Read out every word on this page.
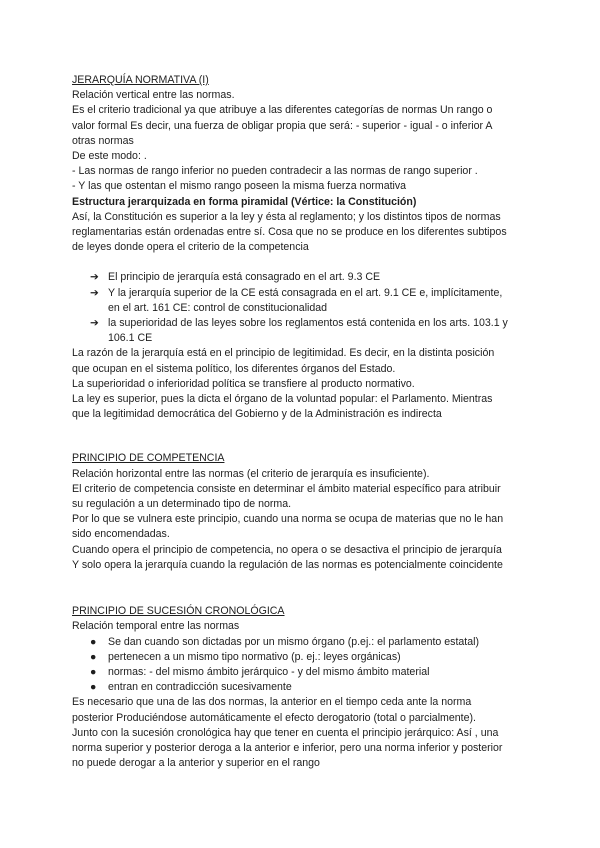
JERARQUÍA NORMATIVA (I)
Relación vertical entre las normas.
Es el criterio tradicional ya que atribuye a las diferentes categorías de normas Un rango o
valor formal Es decir, una fuerza de obligar propia que será: - superior - igual - o inferior A
otras normas
De este modo: .
- Las normas de rango inferior no pueden contradecir a las normas de rango superior .
- Y las que ostentan el mismo rango poseen la misma fuerza normativa
Estructura jerarquizada en forma piramidal (Vértice: la Constitución)
Así, la Constitución es superior a la ley y ésta al reglamento; y los distintos tipos de normas
reglamentarias están ordenadas entre sí. Cosa que no se produce en los diferentes subtipos
de leyes donde opera el criterio de la competencia
➔ El principio de jerarquía está consagrado en el art. 9.3 CE
➔ Y la jerarquía superior de la CE está consagrada en el art. 9.1 CE e, implícitamente,
en el art. 161 CE: control de constitucionalidad
➔ la superioridad de las leyes sobre los reglamentos está contenida en los arts. 103.1 y
106.1 CE
La razón de la jerarquía está en el principio de legitimidad. Es decir, en la distinta posición
que ocupan en el sistema político, los diferentes órganos del Estado.
La superioridad o inferioridad política se transfiere al producto normativo.
La ley es superior, pues la dicta el órgano de la voluntad popular: el Parlamento. Mientras
que la legitimidad democrática del Gobierno y de la Administración es indirecta
PRINCIPIO DE COMPETENCIA
Relación horizontal entre las normas (el criterio de jerarquía es insuficiente).
El criterio de competencia consiste en determinar el ámbito material específico para atribuir
su regulación a un determinado tipo de norma.
Por lo que se vulnera este principio, cuando una norma se ocupa de materias que no le han
sido encomendadas.
Cuando opera el principio de competencia, no opera o se desactiva el principio de jerarquía
Y solo opera la jerarquía cuando la regulación de las normas es potencialmente coincidente
PRINCIPIO DE SUCESIÓN CRONOLÓGICA
Relación temporal entre las normas
● Se dan cuando son dictadas por un mismo órgano (p.ej.: el parlamento estatal)
● pertenecen a un mismo tipo normativo (p. ej.: leyes orgánicas)
● normas: - del mismo ámbito jerárquico - y del mismo ámbito material
● entran en contradicción sucesivamente
Es necesario que una de las dos normas, la anterior en el tiempo ceda ante la norma
posterior Produciéndose automáticamente el efecto derogatorio (total o parcialmente).
Junto con la sucesión cronológica hay que tener en cuenta el principio jerárquico: Así , una
norma superior y posterior deroga a la anterior e inferior, pero una norma inferior y posterior
no puede derogar a la anterior y superior en el rango
